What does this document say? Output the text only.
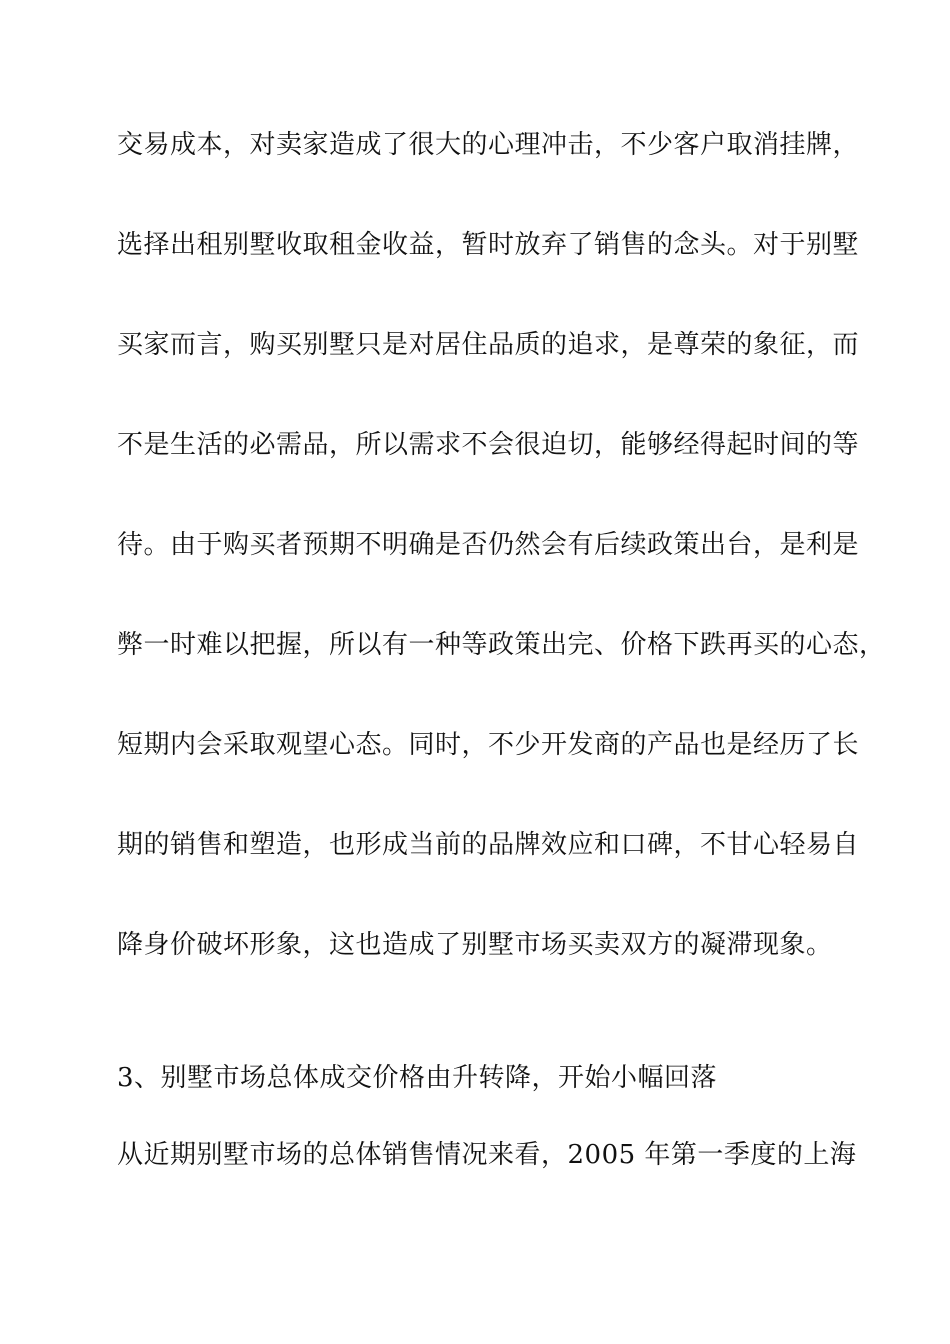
交易成本，对卖家造成了很大的心理冲击，不少客户取消挂牌，
选择出租别墅收取租金收益，暂时放弃了销售的念头。对于别墅
买家而言，购买别墅只是对居住品质的追求，是尊荣的象征，而
不是生活的必需品，所以需求不会很迫切，能够经得起时间的等
待。由于购买者预期不明确是否仍然会有后续政策出台，是利是
弊一时难以把握，所以有一种等政策出完、价格下跌再买的心态，
短期内会采取观望心态。同时，不少开发商的产品也是经历了长
期的销售和塑造，也形成当前的品牌效应和口碑，不甘心轻易自
降身价破坏形象，这也造成了别墅市场买卖双方的凝滞现象。
3、别墅市场总体成交价格由升转降，开始小幅回落
从近期别墅市场的总体销售情况来看，2005 年第一季度的上海
